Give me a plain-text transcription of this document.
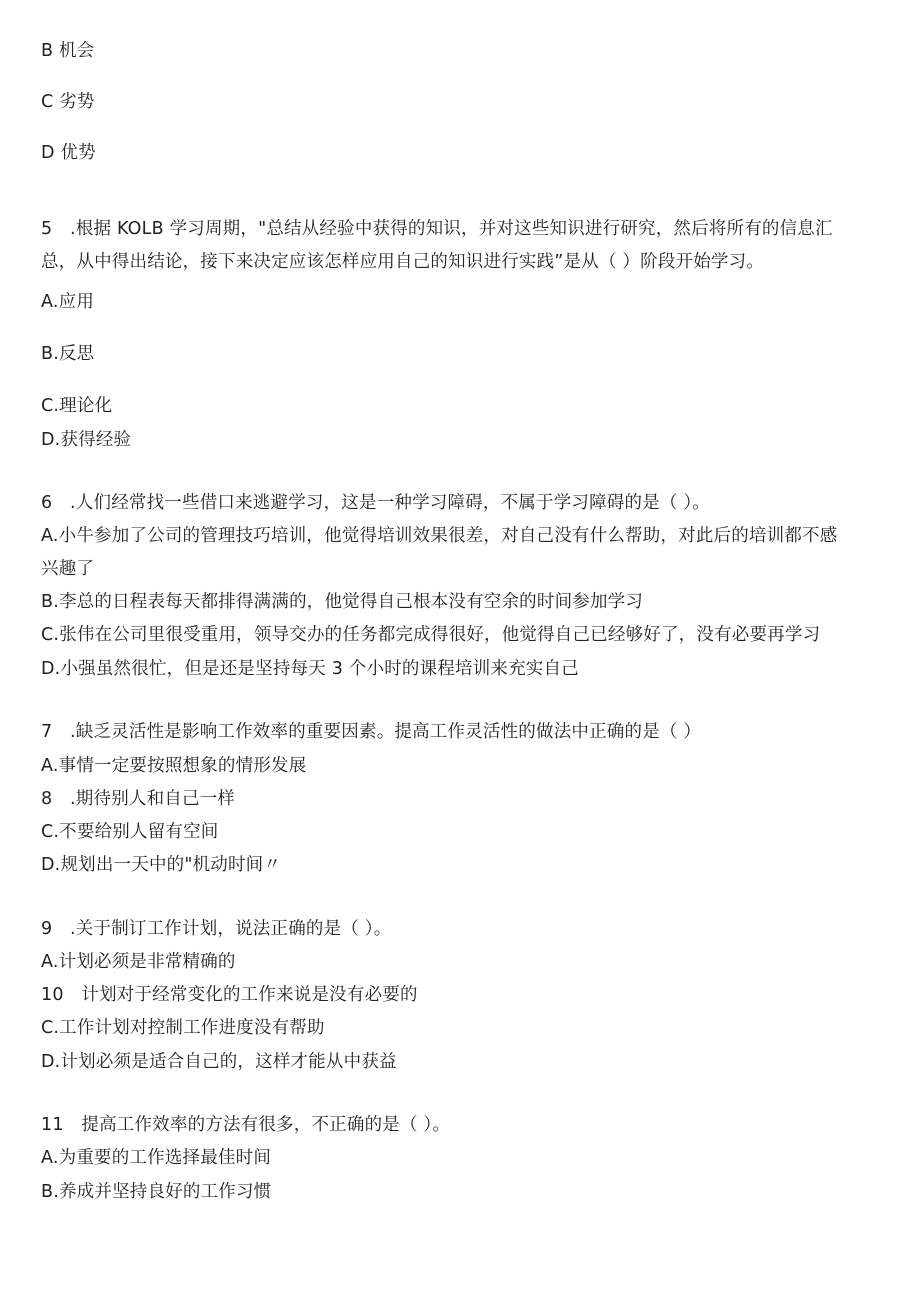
B 机会
C 劣势
D 优势
5　.根据 KOLB 学习周期，"总结从经验中获得的知识，并对这些知识进行研究，然后将所有的信息汇
总，从中得出结论，接下来决定应该怎样应用自己的知识进行实践”是从（ ）阶段开始学习。
A.应用
B.反思
C.理论化
D.获得经验
6　.人们经常找一些借口来逃避学习，这是一种学习障碍，不属于学习障碍的是（ ）。
A.小牛参加了公司的管理技巧培训，他觉得培训效果很差，对自己没有什么帮助，对此后的培训都不感
兴趣了
B.李总的日程表每天都排得满满的，他觉得自己根本没有空余的时间参加学习
C.张伟在公司里很受重用，领导交办的任务都完成得很好，他觉得自己已经够好了，没有必要再学习
D.小强虽然很忙，但是还是坚持每天 3 个小时的课程培训来充实自己
7　.缺乏灵活性是影响工作效率的重要因素。提高工作灵活性的做法中正确的是（ ）
A.事情一定要按照想象的情形发展
8　.期待别人和自己一样
C.不要给别人留有空间
D.规划出一天中的"机动时间〃
9　.关于制订工作计划，说法正确的是（ ）。
A.计划必须是非常精确的
10　计划对于经常变化的工作来说是没有必要的
C.工作计划对控制工作进度没有帮助
D.计划必须是适合自己的，这样才能从中获益
11　提高工作效率的方法有很多，不正确的是（ ）。
A.为重要的工作选择最佳时间
B.养成并坚持良好的工作习惯
